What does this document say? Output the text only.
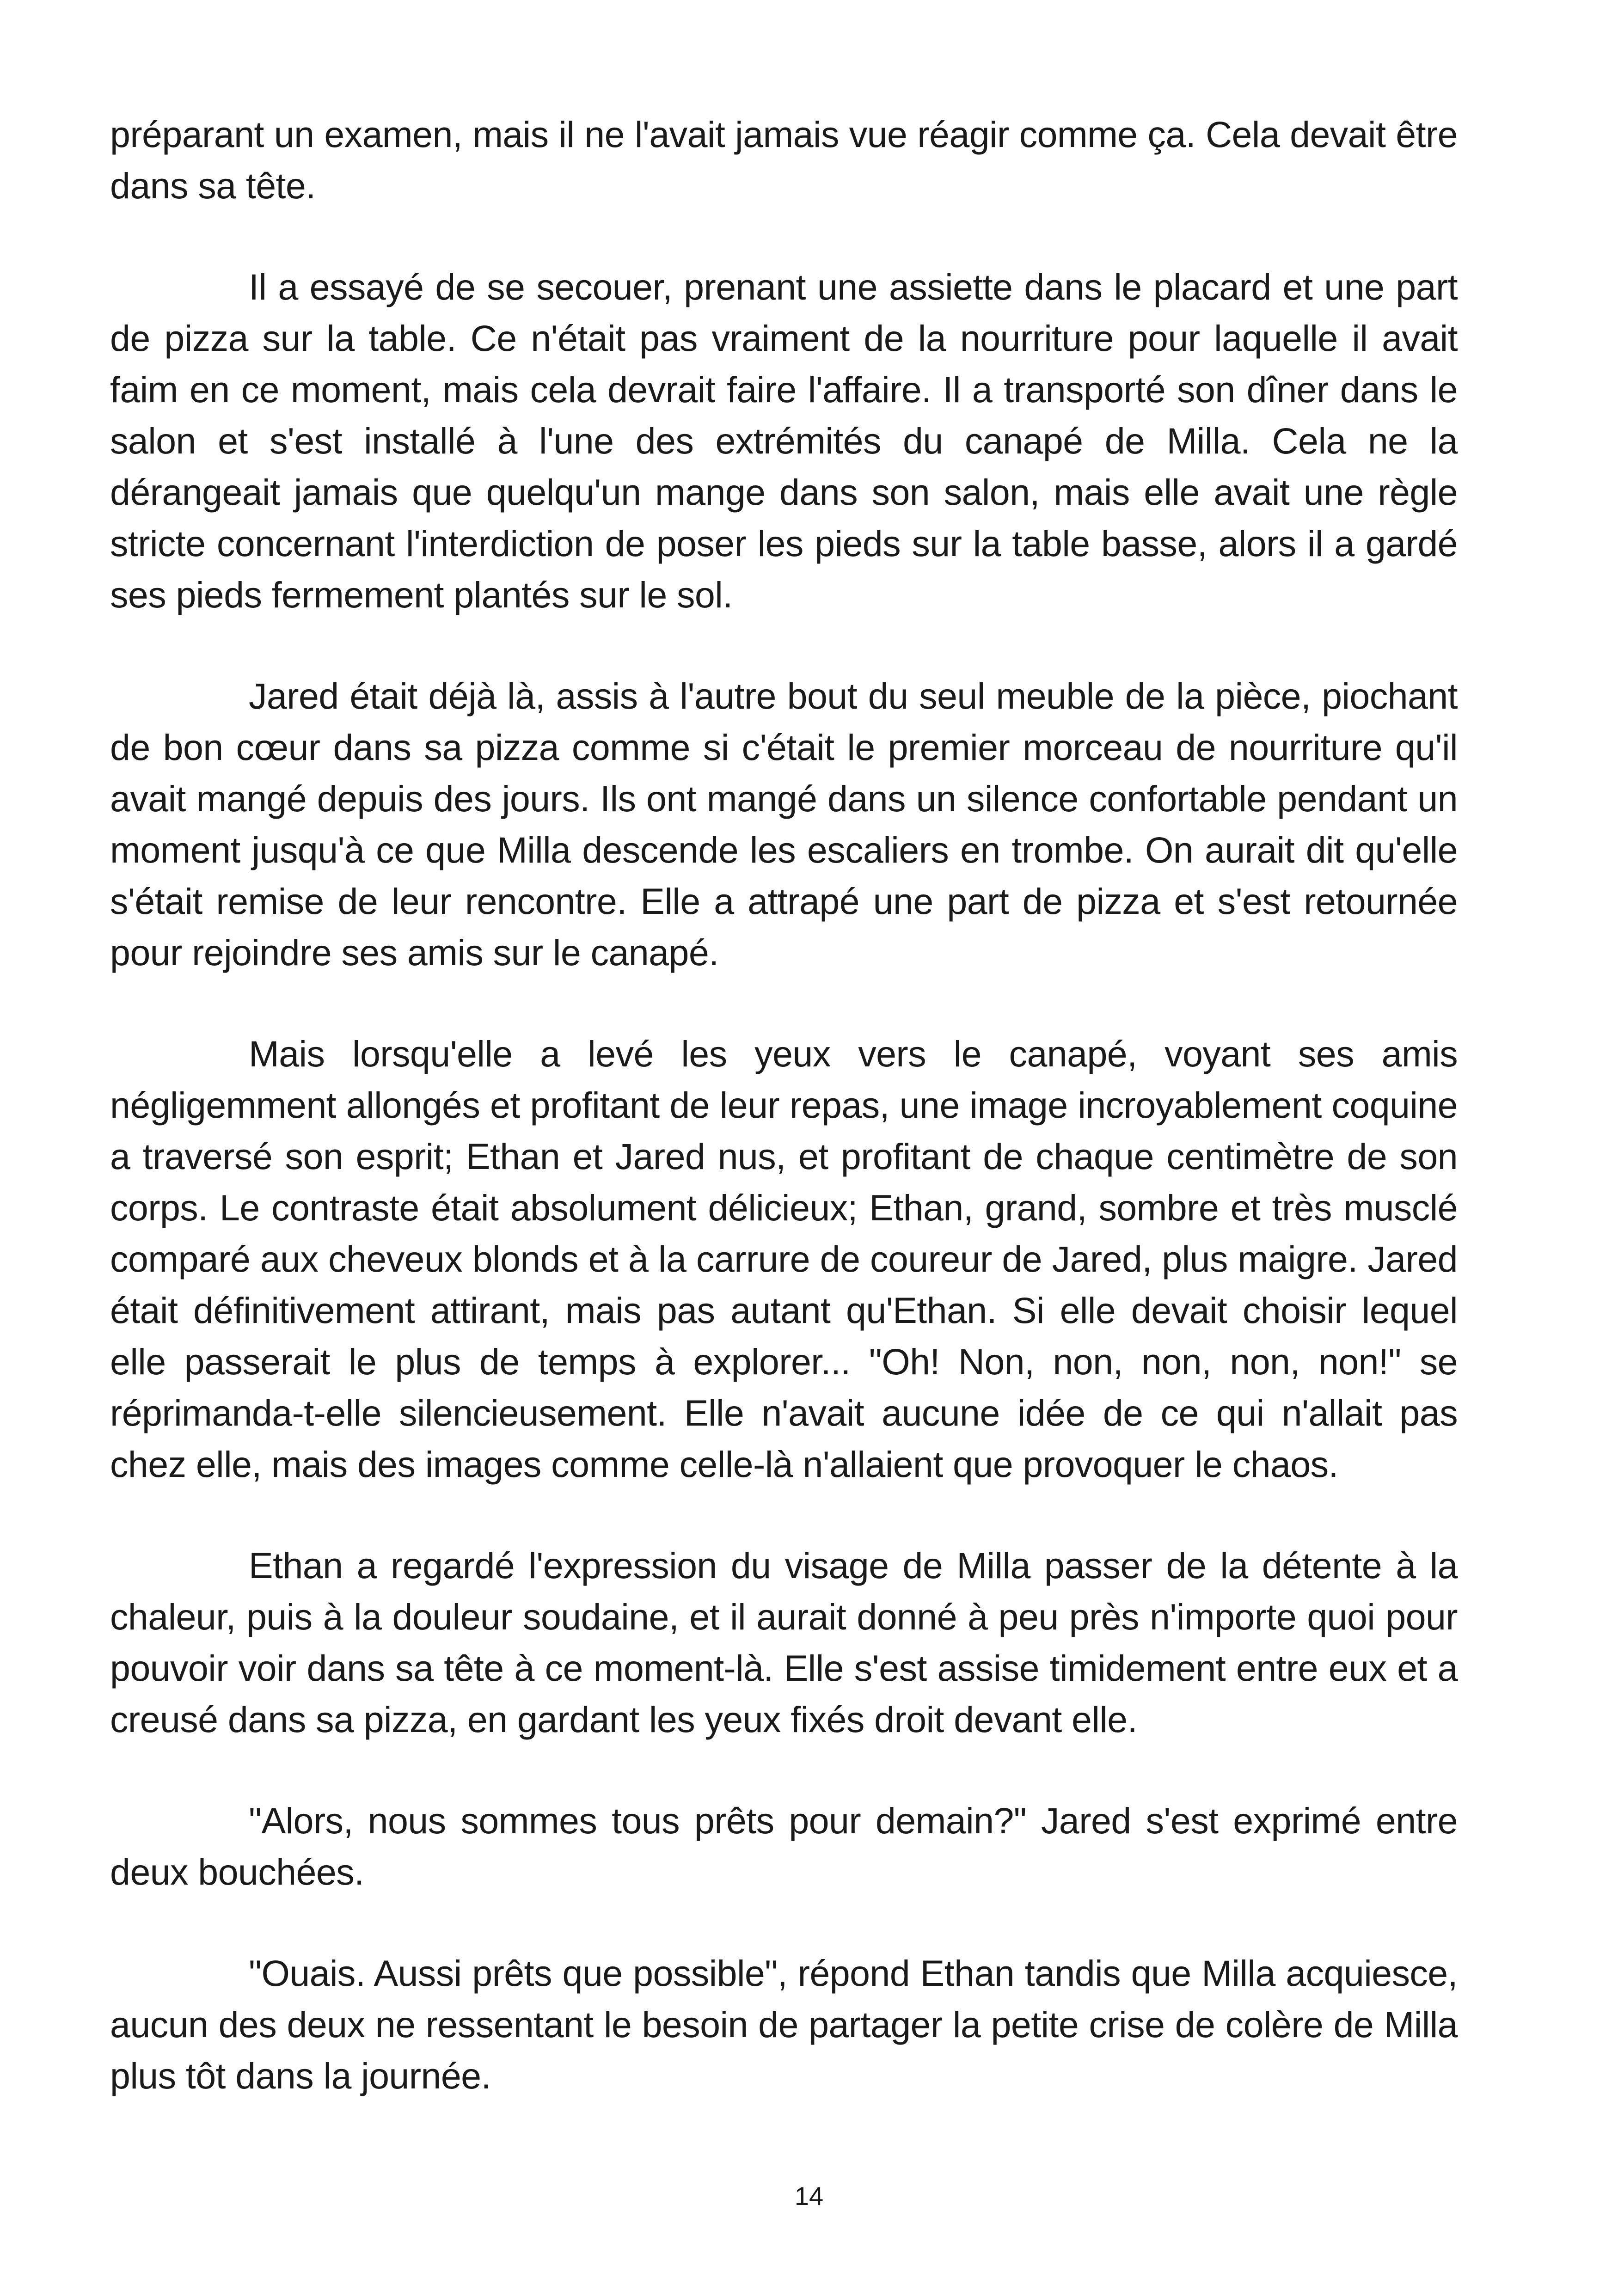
préparant un examen, mais il ne l'avait jamais vue réagir comme ça. Cela devait être dans sa tête.

Il a essayé de se secouer, prenant une assiette dans le placard et une part de pizza sur la table. Ce n'était pas vraiment de la nourriture pour laquelle il avait faim en ce moment, mais cela devrait faire l'affaire. Il a transporté son dîner dans le salon et s'est installé à l'une des extrémités du canapé de Milla. Cela ne la dérangeait jamais que quelqu'un mange dans son salon, mais elle avait une règle stricte concernant l'interdiction de poser les pieds sur la table basse, alors il a gardé ses pieds fermement plantés sur le sol.

Jared était déjà là, assis à l'autre bout du seul meuble de la pièce, piochant de bon cœur dans sa pizza comme si c'était le premier morceau de nourriture qu'il avait mangé depuis des jours. Ils ont mangé dans un silence confortable pendant un moment jusqu'à ce que Milla descende les escaliers en trombe. On aurait dit qu'elle s'était remise de leur rencontre. Elle a attrapé une part de pizza et s'est retournée pour rejoindre ses amis sur le canapé.

Mais lorsqu'elle a levé les yeux vers le canapé, voyant ses amis négligemment allongés et profitant de leur repas, une image incroyablement coquine a traversé son esprit; Ethan et Jared nus, et profitant de chaque centimètre de son corps. Le contraste était absolument délicieux; Ethan, grand, sombre et très musclé comparé aux cheveux blonds et à la carrure de coureur de Jared, plus maigre. Jared était définitivement attirant, mais pas autant qu'Ethan. Si elle devait choisir lequel elle passerait le plus de temps à explorer... "Oh! Non, non, non, non, non!" se réprimanda-t-elle silencieusement. Elle n'avait aucune idée de ce qui n'allait pas chez elle, mais des images comme celle-là n'allaient que provoquer le chaos.

Ethan a regardé l'expression du visage de Milla passer de la détente à la chaleur, puis à la douleur soudaine, et il aurait donné à peu près n'importe quoi pour pouvoir voir dans sa tête à ce moment-là. Elle s'est assise timidement entre eux et a creusé dans sa pizza, en gardant les yeux fixés droit devant elle.

"Alors, nous sommes tous prêts pour demain?" Jared s'est exprimé entre deux bouchées.

"Ouais. Aussi prêts que possible", répond Ethan tandis que Milla acquiesce, aucun des deux ne ressentant le besoin de partager la petite crise de colère de Milla plus tôt dans la journée.

14
